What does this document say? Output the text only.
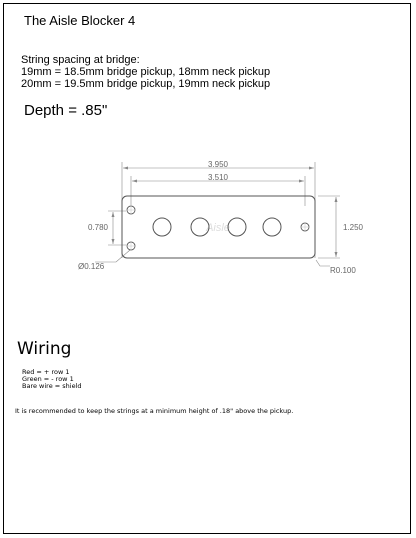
The Aisle Blocker 4
String spacing at bridge:
19mm = 18.5mm bridge pickup, 18mm neck pickup
20mm = 19.5mm bridge pickup, 19mm neck pickup
Depth = .85"
Aisle
3.950
3.510
1.250
0.780
Ø0.126	R0.100
Wiring
Red = + row 1
Green = - row 1
Bare wire = shield
It is recommended to keep the strings at a minimum height of .18" above the pickup.
